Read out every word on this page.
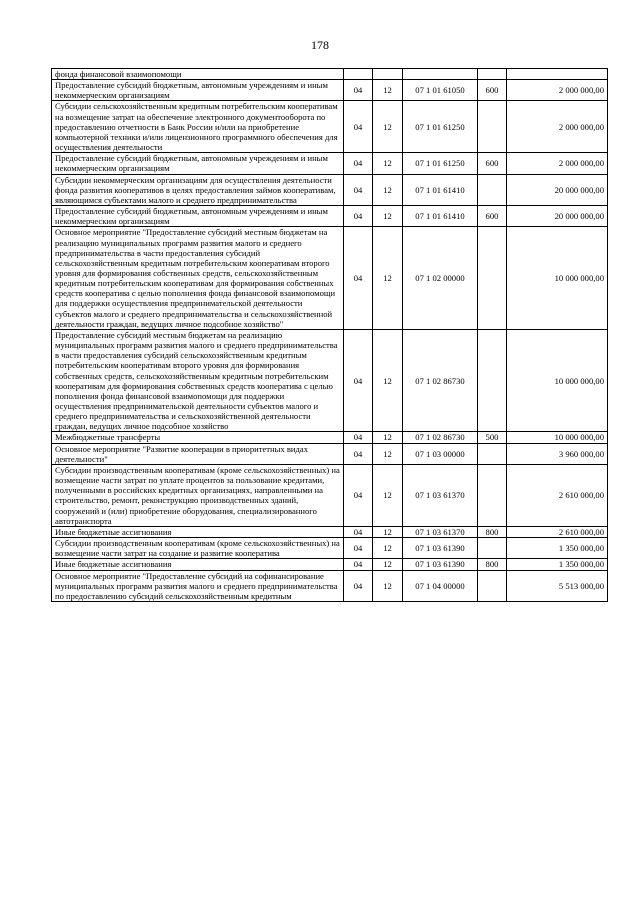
178
фонда финансовой взаимопомощи					
Предоставление субсидий бюджетным, автономным учреждениям и иным некоммерческим организациям	04	12	07 1 01 61050	600	2 000 000,00
Субсидии сельскохозяйственным кредитным потребительским кооперативам на возмещение затрат на обеспечение электронного документооборота по предоставлению отчетности в Банк России и/или на приобретение компьютерной техники и/или лицензионного программного обеспечения для осуществления деятельности	04	12	07 1 01 61250		2 000 000,00
Предоставление субсидий бюджетным, автономным учреждениям и иным некоммерческим организациям	04	12	07 1 01 61250	600	2 000 000,00
Субсидии некоммерческим организациям для осуществления деятельности фонда развития кооперативов в целях предоставления займов кооперативам, являющимся субъектами малого и среднего предпринимательства	04	12	07 1 01 61410		20 000 000,00
Предоставление субсидий бюджетным, автономным учреждениям и иным некоммерческим организациям	04	12	07 1 01 61410	600	20 000 000,00
Основное мероприятие "Предоставление субсидий местным бюджетам на реализацию муниципальных программ развития малого и среднего предпринимательства в части предоставления субсидий сельскохозяйственным кредитным потребительским кооперативам второго уровня для формирования собственных средств, сельскохозяйственным кредитным потребительским кооперативам для формирования собственных средств кооператива с целью пополнения фонда финансовой взаимопомощи для поддержки осуществления предпринимательской деятельности субъектов малого и среднего предпринимательства и сельскохозяйственной деятельности граждан, ведущих личное подсобное хозяйство"	04	12	07 1 02 00000		10 000 000,00
Предоставление субсидий местным бюджетам на реализацию муниципальных программ развития малого и среднего предпринимательства в части предоставления субсидий сельскохозяйственным кредитным потребительским кооперативам второго уровня для формирования собственных средств, сельскохозяйственным кредитным потребительским кооперативам для формирования собственных средств кооператива с целью пополнения фонда финансовой взаимопомощи для поддержки осуществления предпринимательской деятельности субъектов малого и среднего предпринимательства и сельскохозяйственной деятельности граждан, ведущих личное подсобное хозяйство	04	12	07 1 02 86730		10 000 000,00
Межбюджетные трансферты	04	12	07 1 02 86730	500	10 000 000,00
Основное мероприятие "Развитие кооперации в приоритетных видах деятельности"	04	12	07 1 03 00000		3 960 000,00
Субсидии производственным кооперативам (кроме сельскохозяйственных) на возмещение части затрат по уплате процентов за пользование кредитами, полученными в российских кредитных организациях, направленными на строительство, ремонт, реконструкцию производственных зданий, сооружений и (или) приобретение оборудования, специализированного автотранспорта	04	12	07 1 03 61370		2 610 000,00
Иные бюджетные ассигнования	04	12	07 1 03 61370	800	2 610 000,00
Субсидии производственным кооперативам (кроме сельскохозяйственных) на возмещение части затрат на создание и развитие кооператива	04	12	07 1 03 61390		1 350 000,00
Иные бюджетные ассигнования	04	12	07 1 03 61390	800	1 350 000,00
Основное мероприятие "Предоставление субсидий на софинансирование муниципальных программ развития малого и среднего предпринимательства по предоставлению субсидий сельскохозяйственным кредитным	04	12	07 1 04 00000		5 513 000,00
